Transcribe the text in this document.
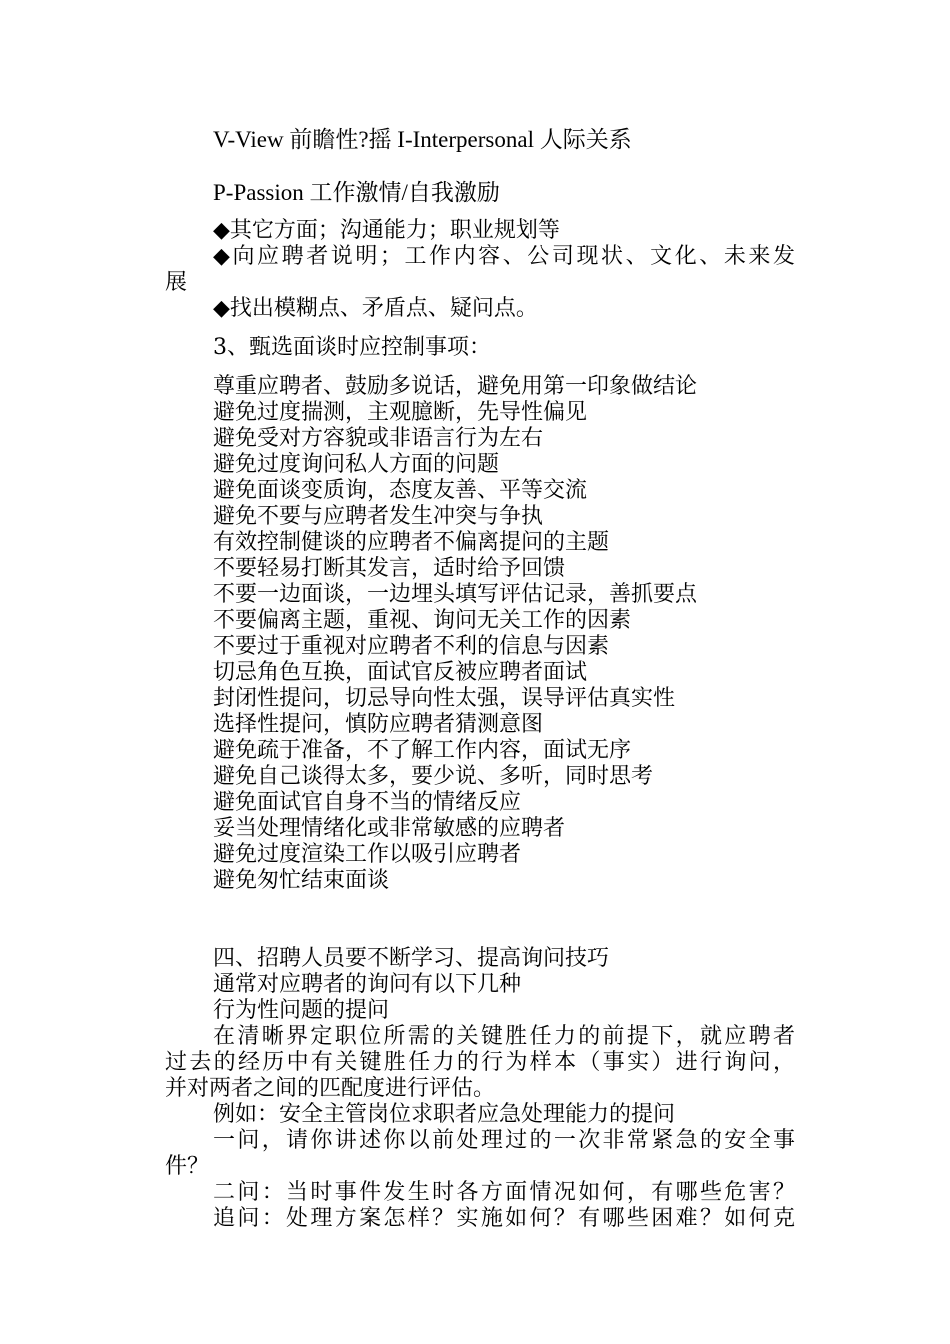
V-View 前瞻性?摇 I-Interpersonal 人际关系
P-Passion 工作激情/自我激励
◆其它方面；沟通能力；职业规划等
◆向应聘者说明；工作内容、公司现状、文化、未来发
展
◆找出模糊点、矛盾点、疑问点。
3、甄选面谈时应控制事项：
尊重应聘者、鼓励多说话，避免用第一印象做结论
避免过度揣测，主观臆断，先导性偏见
避免受对方容貌或非语言行为左右
避免过度询问私人方面的问题
避免面谈变质询，态度友善、平等交流
避免不要与应聘者发生冲突与争执
有效控制健谈的应聘者不偏离提问的主题
不要轻易打断其发言，适时给予回馈
不要一边面谈，一边埋头填写评估记录，善抓要点
不要偏离主题，重视、询问无关工作的因素
不要过于重视对应聘者不利的信息与因素
切忌角色互换，面试官反被应聘者面试
封闭性提问，切忌导向性太强，误导评估真实性
选择性提问，慎防应聘者猜测意图
避免疏于准备，不了解工作内容，面试无序
避免自己谈得太多，要少说、多听，同时思考
避免面试官自身不当的情绪反应
妥当处理情绪化或非常敏感的应聘者
避免过度渲染工作以吸引应聘者
避免匆忙结束面谈
四、招聘人员要不断学习、提高询问技巧
通常对应聘者的询问有以下几种
行为性问题的提问
在清晰界定职位所需的关键胜任力的前提下，就应聘者
过去的经历中有关键胜任力的行为样本（事实）进行询问，
并对两者之间的匹配度进行评估。
例如：安全主管岗位求职者应急处理能力的提问
一问，请你讲述你以前处理过的一次非常紧急的安全事
件？
二问：当时事件发生时各方面情况如何，有哪些危害？
追问：处理方案怎样？实施如何？有哪些困难？如何克
